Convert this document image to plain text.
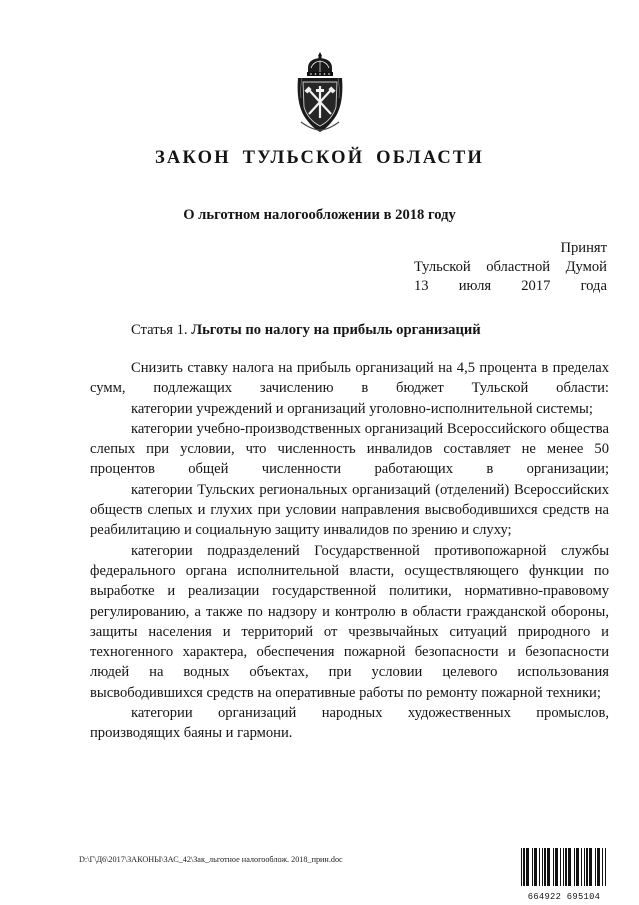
ЗАКОН ТУЛЬСКОЙ ОБЛАСТИ
О льготном налогообложении в 2018 году
Принят
Тульской областной Думой
13 июля 2017 года
Статья 1. Льготы по налогу на прибыль организаций

Снизить ставку налога на прибыль организаций на 4,5 процента в пределах сумм, подлежащих зачислению в бюджет Тульской области:

категории учреждений и организаций уголовно-исполнительной системы;

категории учебно-производственных организаций Всероссийского общества слепых при условии, что численность инвалидов составляет не менее 50 процентов общей численности работающих в организации;

категории Тульских региональных организаций (отделений) Всероссийских обществ слепых и глухих при условии направления высвободившихся средств на реабилитацию и социальную защиту инвалидов по зрению и слуху;

категории подразделений Государственной противопожарной службы федерального органа исполнительной власти, осуществляющего функции по выработке и реализации государственной политики, нормативно-правовому регулированию, а также по надзору и контролю в области гражданской обороны, защиты населения и территорий от чрезвычайных ситуаций природного и техногенного характера, обеспечения пожарной безопасности и безопасности людей на водных объектах, при условии целевого использования высвободившихся средств на оперативные работы по ремонту пожарной техники;

категории организаций народных художественных промыслов, производящих баяны и гармони.

D:\Г\Д6\2017\ЗАКОНЫ\ЗАС_42\Зак_льготное налогооблож. 2018_прин.doc
664922 695104
